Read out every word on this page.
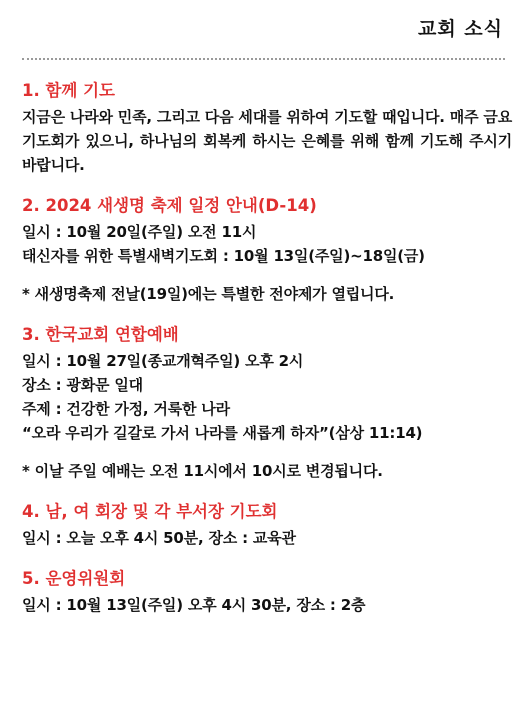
교회 소식
1. 함께 기도
지금은 나라와 민족, 그리고 다음 세대를 위하여 기도할 때입니다. 매주 금요 기도회가 있으니, 하나님의 회복케 하시는 은혜를 위해 함께 기도해 주시기 바랍니다.
2. 2024 새생명 축제 일정 안내(D-14)
일시 : 10월 20일(주일) 오전 11시
태신자를 위한 특별새벽기도회 : 10월 13일(주일)~18일(금)
* 새생명축제 전날(19일)에는 특별한 전야제가 열립니다.
3. 한국교회 연합예배
일시 : 10월 27일(종교개혁주일) 오후 2시
장소 : 광화문 일대
주제 : 건강한 가정, 거룩한 나라
“오라 우리가 길갈로 가서 나라를 새롭게 하자”(삼상 11:14)
* 이날 주일 예배는 오전 11시에서 10시로 변경됩니다.
4. 남, 여 회장 및 각 부서장 기도회
일시 : 오늘 오후 4시 50분, 장소 : 교육관
5. 운영위원회
일시 : 10월 13일(주일) 오후 4시 30분, 장소 : 2층
